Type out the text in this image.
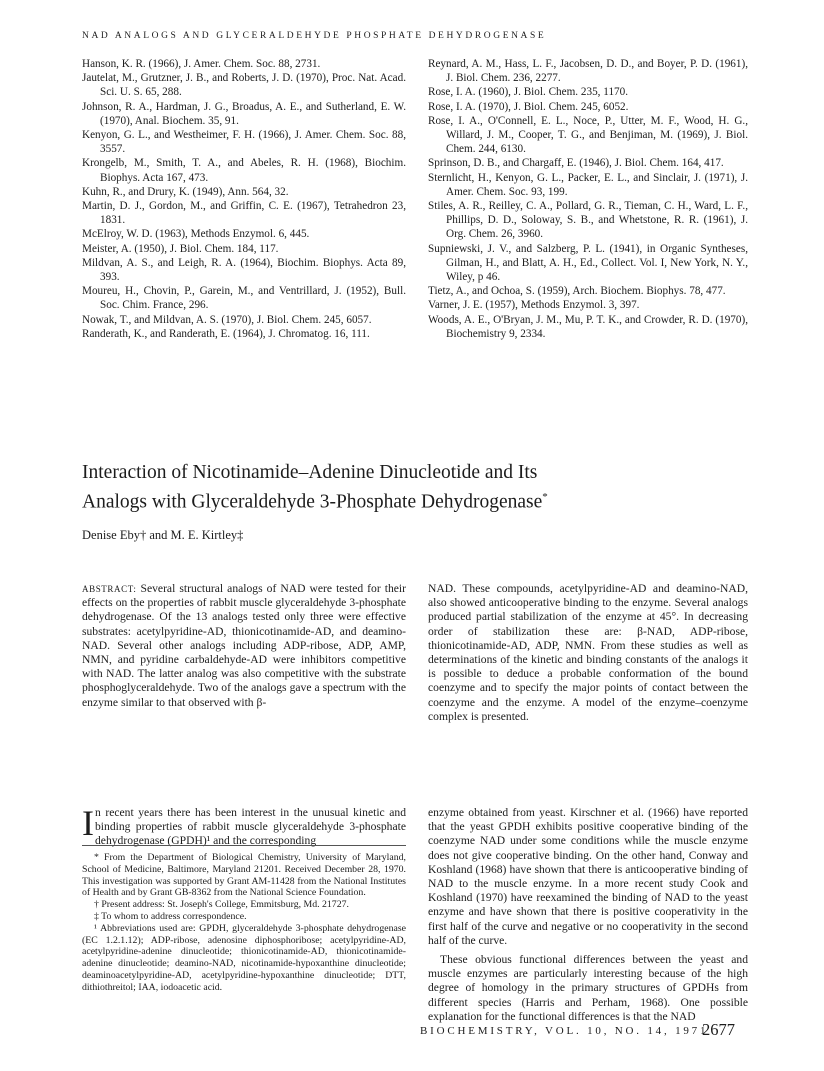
NAD ANALOGS AND GLYCERALDEHYDE PHOSPHATE DEHYDROGENASE
Hanson, K. R. (1966), J. Amer. Chem. Soc. 88, 2731.
Jautelat, M., Grutzner, J. B., and Roberts, J. D. (1970), Proc. Nat. Acad. Sci. U. S. 65, 288.
Johnson, R. A., Hardman, J. G., Broadus, A. E., and Sutherland, E. W. (1970), Anal. Biochem. 35, 91.
Kenyon, G. L., and Westheimer, F. H. (1966), J. Amer. Chem. Soc. 88, 3557.
Krongelb, M., Smith, T. A., and Abeles, R. H. (1968), Biochim. Biophys. Acta 167, 473.
Kuhn, R., and Drury, K. (1949), Ann. 564, 32.
Martin, D. J., Gordon, M., and Griffin, C. E. (1967), Tetrahedron 23, 1831.
McElroy, W. D. (1963), Methods Enzymol. 6, 445.
Meister, A. (1950), J. Biol. Chem. 184, 117.
Mildvan, A. S., and Leigh, R. A. (1964), Biochim. Biophys. Acta 89, 393.
Moureu, H., Chovin, P., Garein, M., and Ventrillard, J. (1952), Bull. Soc. Chim. France, 296.
Nowak, T., and Mildvan, A. S. (1970), J. Biol. Chem. 245, 6057.
Randerath, K., and Randerath, E. (1964), J. Chromatog. 16, 111.
Reynard, A. M., Hass, L. F., Jacobsen, D. D., and Boyer, P. D. (1961), J. Biol. Chem. 236, 2277.
Rose, I. A. (1960), J. Biol. Chem. 235, 1170.
Rose, I. A. (1970), J. Biol. Chem. 245, 6052.
Rose, I. A., O'Connell, E. L., Noce, P., Utter, M. F., Wood, H. G., Willard, J. M., Cooper, T. G., and Benjiman, M. (1969), J. Biol. Chem. 244, 6130.
Sprinson, D. B., and Chargaff, E. (1946), J. Biol. Chem. 164, 417.
Sternlicht, H., Kenyon, G. L., Packer, E. L., and Sinclair, J. (1971), J. Amer. Chem. Soc. 93, 199.
Stiles, A. R., Reilley, C. A., Pollard, G. R., Tieman, C. H., Ward, L. F., Phillips, D. D., Soloway, S. B., and Whetstone, R. R. (1961), J. Org. Chem. 26, 3960.
Supniewski, J. V., and Salzberg, P. L. (1941), in Organic Syntheses, Gilman, H., and Blatt, A. H., Ed., Collect. Vol. I, New York, N. Y., Wiley, p 46.
Tietz, A., and Ochoa, S. (1959), Arch. Biochem. Biophys. 78, 477.
Varner, J. E. (1957), Methods Enzymol. 3, 397.
Woods, A. E., O'Bryan, J. M., Mu, P. T. K., and Crowder, R. D. (1970), Biochemistry 9, 2334.
Interaction of Nicotinamide–Adenine Dinucleotide and Its
Analogs with Glyceraldehyde 3-Phosphate Dehydrogenase*
Denise Eby† and M. E. Kirtley‡
ABSTRACT: Several structural analogs of NAD were tested for their effects on the properties of rabbit muscle glyceraldehyde 3-phosphate dehydrogenase. Of the 13 analogs tested only three were effective substrates: acetylpyridine-AD, thionicotinamide-AD, and deamino-NAD. Several other analogs including ADP-ribose, ADP, AMP, NMN, and pyridine carbaldehyde-AD were inhibitors competitive with NAD. The latter analog was also competitive with the substrate phosphoglyceraldehyde. Two of the analogs gave a spectrum with the enzyme similar to that observed with β-
NAD. These compounds, acetylpyridine-AD and deamino-NAD, also showed anticooperative binding to the enzyme. Several analogs produced partial stabilization of the enzyme at 45°. In decreasing order of stabilization these are: β-NAD, ADP-ribose, thionicotinamide-AD, ADP, NMN. From these studies as well as determinations of the kinetic and binding constants of the analogs it is possible to deduce a probable conformation of the bound coenzyme and to specify the major points of contact between the coenzyme and the enzyme. A model of the enzyme–coenzyme complex is presented.
I n recent years there has been interest in the unusual kinetic and binding properties of rabbit muscle glyceraldehyde 3-phosphate dehydrogenase (GPDH)¹ and the corresponding
* From the Department of Biological Chemistry, University of Maryland, School of Medicine, Baltimore, Maryland 21201. Received December 28, 1970. This investigation was supported by Grant AM-11428 from the National Institutes of Health and by Grant GB-8362 from the National Science Foundation.
† Present address: St. Joseph's College, Emmitsburg, Md. 21727.
‡ To whom to address correspondence.
¹ Abbreviations used are: GPDH, glyceraldehyde 3-phosphate dehydrogenase (EC 1.2.1.12); ADP-ribose, adenosine diphosphoribose; acetylpyridine-AD, acetylpyridine-adenine dinucleotide; thionicotinamide-AD, thionicotinamide-adenine dinucleotide; deamino-NAD, nicotinamide-hypoxanthine dinucleotide; deaminoacetylpyridine-AD, acetylpyridine-hypoxanthine dinucleotide; DTT, dithiothreitol; IAA, iodoacetic acid.

enzyme obtained from yeast. Kirschner et al. (1966) have reported that the yeast GPDH exhibits positive cooperative binding of the coenzyme NAD under some conditions while the muscle enzyme does not give cooperative binding. On the other hand, Conway and Koshland (1968) have shown that there is anticooperative binding of NAD to the muscle enzyme. In a more recent study Cook and Koshland (1970) have reexamined the binding of NAD to the yeast enzyme and have shown that there is positive cooperativity in the first half of the curve and negative or no cooperativity in the second half of the curve.

These obvious functional differences between the yeast and muscle enzymes are particularly interesting because of the high degree of homology in the primary structures of GPDHs from different species (Harris and Perham, 1968). One possible explanation for the functional differences is that the NAD

BIOCHEMISTRY, VOL. 10, NO. 14, 1971
2677
